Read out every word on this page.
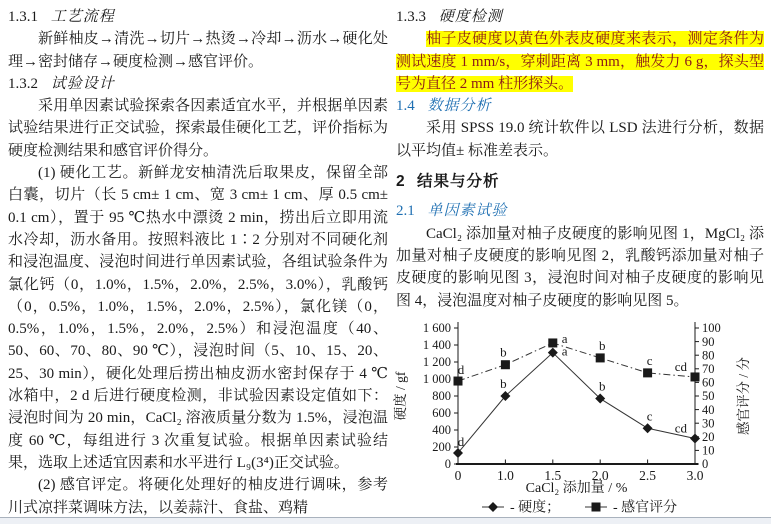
1.3.1 工艺流程

新鲜柚皮→清洗→切片→热烫→冷却→沥水→硬化处理→密封储存→硬度检测→感官评价。

1.3.2 试验设计

采用单因素试验探索各因素适宜水平，并根据单因素试验结果进行正交试验，探索最佳硬化工艺，评价指标为硬度检测结果和感官评价得分。

(1) 硬化工艺。新鲜龙安柚清洗后取果皮，保留全部白囊，切片（长 5 cm± 1 cm、宽 3 cm± 1 cm、厚 0.5 cm± 0.1 cm），置于 95 ℃热水中漂烫 2 min，捞出后立即用流水冷却，沥水备用。按照料液比 1∶2 分别对不同硬化剂和浸泡温度、浸泡时间进行单因素试验，各组试验条件为氯化钙（0，1.0%，1.5%，2.0%，2.5%，3.0%），乳酸钙（0，0.5%，1.0%，1.5%，2.0%，2.5%），氯化镁（0，0.5%，1.0%，1.5%，2.0%，2.5%）和浸泡温度（40、50、60、70、80、90 ℃），浸泡时间（5、10、15、20、25、30 min），硬化处理后捞出柚皮沥水密封保存于 4 ℃冰箱中，2 d 后进行硬度检测，非试验因素设定值如下：浸泡时间为 20 min，CaCl₂ 溶液质量分数为 1.5%，浸泡温度 60 ℃，每组进行 3 次重复试验。根据单因素试验结果，选取上述适宜因素和水平进行 L₉(3⁴)正交试验。

(2) 感官评定。将硬化处理好的柚皮进行调味，参考川式凉拌菜调味方法，以姜蒜汁、食盐、鸡精

1.3.3 硬度检测

柚子皮硬度以黄色外表皮硬度来表示，测定条件为测试速度 1 mm/s，穿刺距离 3 mm，触发力 6 g，探头型号为直径 2 mm 柱形探头。

1.4 数据分析

采用 SPSS 19.0 统计软件以 LSD 法进行分析，数据以平均值± 标准差表示。

2 结果与分析

2.1 单因素试验

CaCl₂ 添加量对柚子皮硬度的影响见图 1，MgCl₂ 添加量对柚子皮硬度的影响见图 2，乳酸钙添加量对柚子皮硬度的影响见图 3，浸泡时间对柚子皮硬度的影响见图 4，浸泡温度对柚子皮硬度的影响见图 5。

0
200
400
600
800
1 000
1 200
1 400
1 600
0
10
20
30
40
50
60
70
80
90
100
0	1.0 1.5 2.0 2.5 3.0
硬度 / gf	感官评分 / 分
CaCl₂ 添加量 / %
d
b
a
b
c
cd
d
b
a b
c cd
- 硬度；	- 感官评分
